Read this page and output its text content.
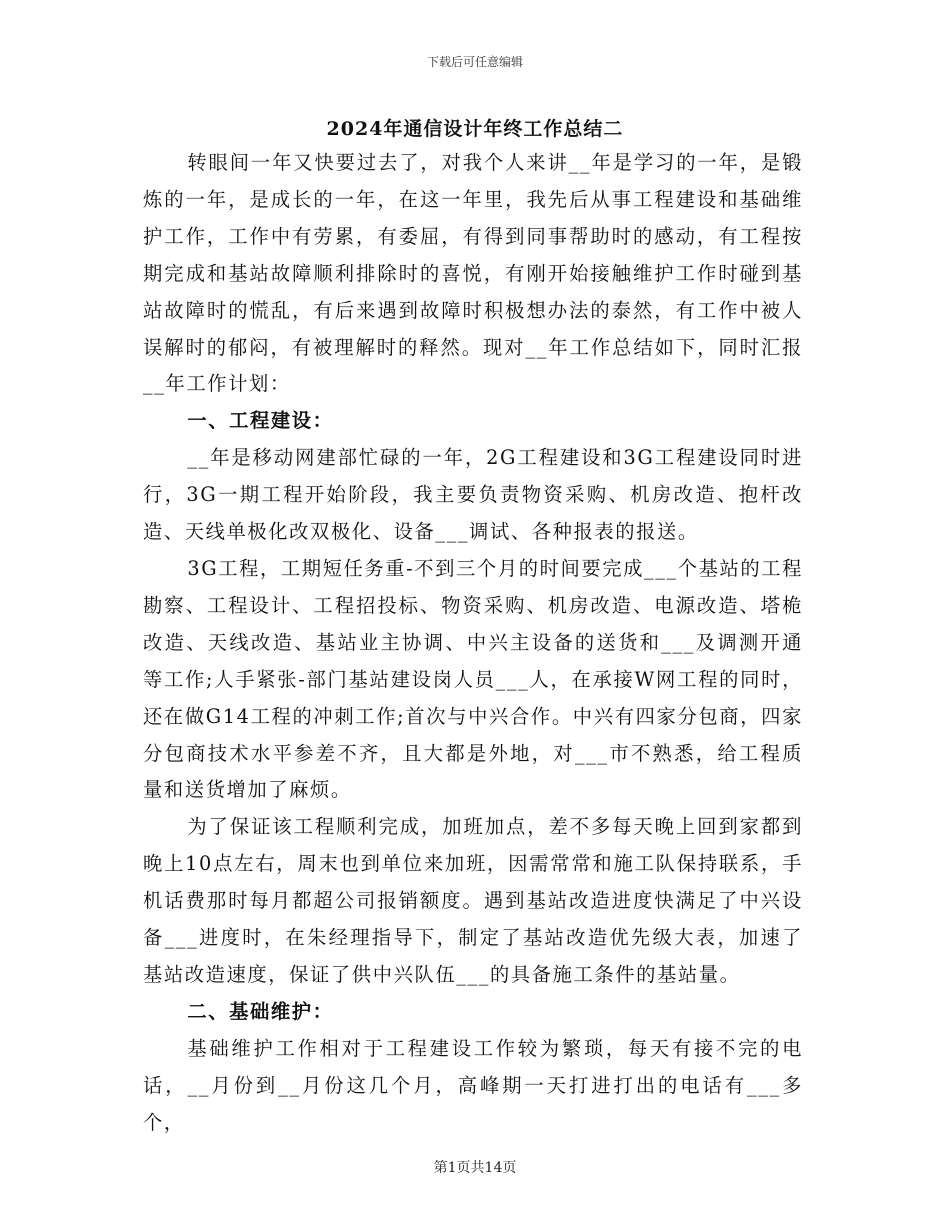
下载后可任意编辑
2024年通信设计年终工作总结二

转眼间一年又快要过去了，对我个人来讲__年是学习的一年，是锻炼的一年，是成长的一年，在这一年里，我先后从事工程建设和基础维护工作，工作中有劳累，有委屈，有得到同事帮助时的感动，有工程按期完成和基站故障顺利排除时的喜悦，有刚开始接触维护工作时碰到基站故障时的慌乱，有后来遇到故障时积极想办法的泰然，有工作中被人误解时的郁闷，有被理解时的释然。现对__年工作总结如下，同时汇报__年工作计划：

一、工程建设：

__年是移动网建部忙碌的一年，2G工程建设和3G工程建设同时进行，3G一期工程开始阶段，我主要负责物资采购、机房改造、抱杆改造、天线单极化改双极化、设备___调试、各种报表的报送。

3G工程，工期短任务重-不到三个月的时间要完成___个基站的工程勘察、工程设计、工程招投标、物资采购、机房改造、电源改造、塔桅改造、天线改造、基站业主协调、中兴主设备的送货和___及调测开通等工作;人手紧张-部门基站建设岗人员___人，在承接W网工程的同时，还在做G14工程的冲刺工作;首次与中兴合作。中兴有四家分包商，四家分包商技术水平参差不齐，且大都是外地，对___市不熟悉，给工程质量和送货增加了麻烦。

为了保证该工程顺利完成，加班加点，差不多每天晚上回到家都到晚上10点左右，周末也到单位来加班，因需常常和施工队保持联系，手机话费那时每月都超公司报销额度。遇到基站改造进度快满足了中兴设备___进度时，在朱经理指导下，制定了基站改造优先级大表，加速了基站改造速度，保证了供中兴队伍___的具备施工条件的基站量。

二、基础维护：

基础维护工作相对于工程建设工作较为繁琐，每天有接不完的电话，__月份到__月份这几个月，高峰期一天打进打出的电话有___多个，

第1页共14页
